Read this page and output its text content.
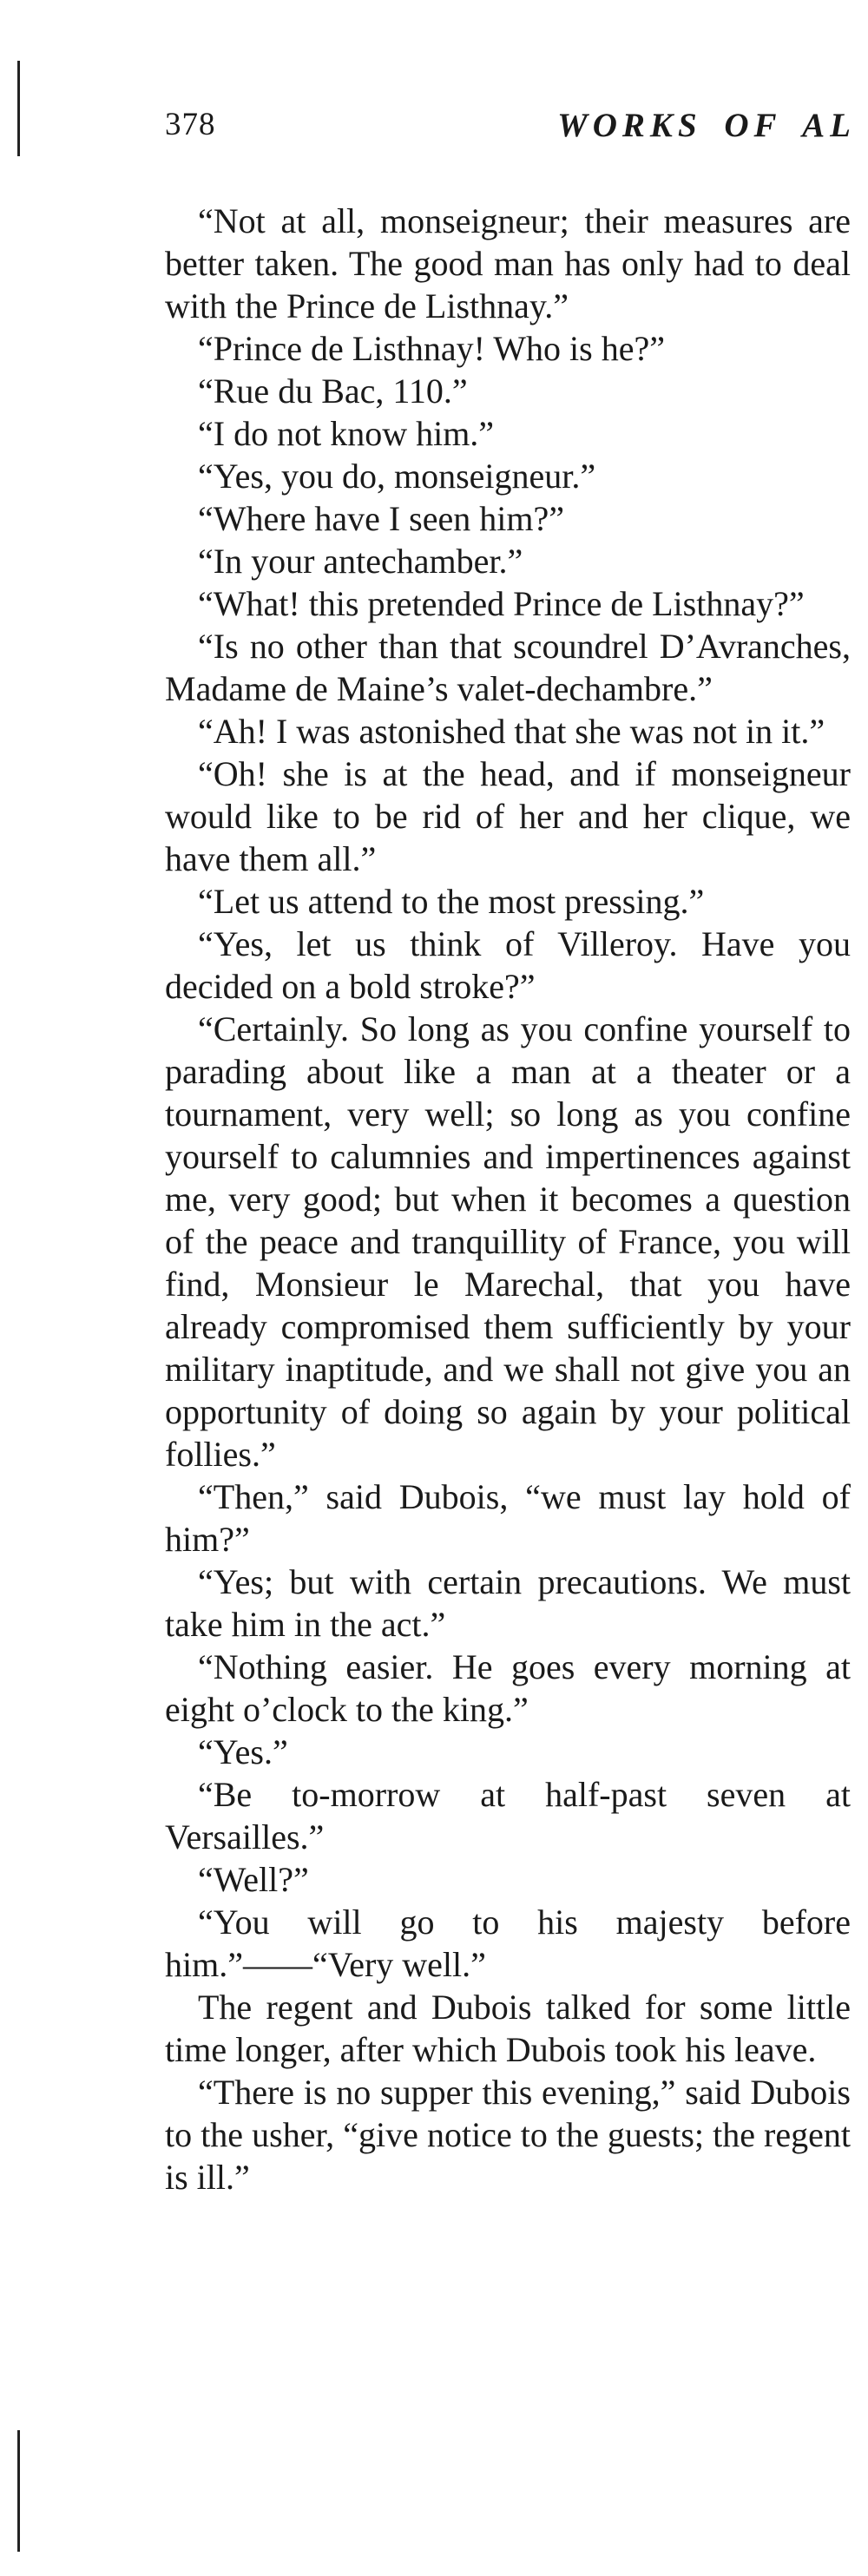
378	WORKS OF AL

“Not at all, monseigneur; their measures are better taken. The good man has only had to deal with the Prince de Listhnay.”

“Prince de Listhnay! Who is he?”

“Rue du Bac, 110.”

“I do not know him.”

“Yes, you do, monseigneur.”

“Where have I seen him?”

“In your antechamber.”

“What! this pretended Prince de Listhnay?”

“Is no other than that scoundrel D’Avranches, Madame de Maine’s valet-dechambre.”

“Ah! I was astonished that she was not in it.”

“Oh! she is at the head, and if monseigneur would like to be rid of her and her clique, we have them all.”

“Let us attend to the most pressing.”

“Yes, let us think of Villeroy. Have you decided on a bold stroke?”

“Certainly. So long as you confine yourself to parading about like a man at a theater or a tournament, very well; so long as you confine yourself to calumnies and impertinences against me, very good; but when it becomes a question of the peace and tranquillity of France, you will find, Monsieur le Marechal, that you have already compromised them sufficiently by your military inaptitude, and we shall not give you an opportunity of doing so again by your political follies.”

“Then,” said Dubois, “we must lay hold of him?”

“Yes; but with certain precautions. We must take him in the act.”

“Nothing easier. He goes every morning at eight o’clock to the king.”

“Yes.”

“Be to-morrow at half-past seven at Versailles.”

“Well?”

“You will go to his majesty before him.”——“Very well.”

The regent and Dubois talked for some little time longer, after which Dubois took his leave.

“There is no supper this evening,” said Dubois to the usher, “give notice to the guests; the regent is ill.”
